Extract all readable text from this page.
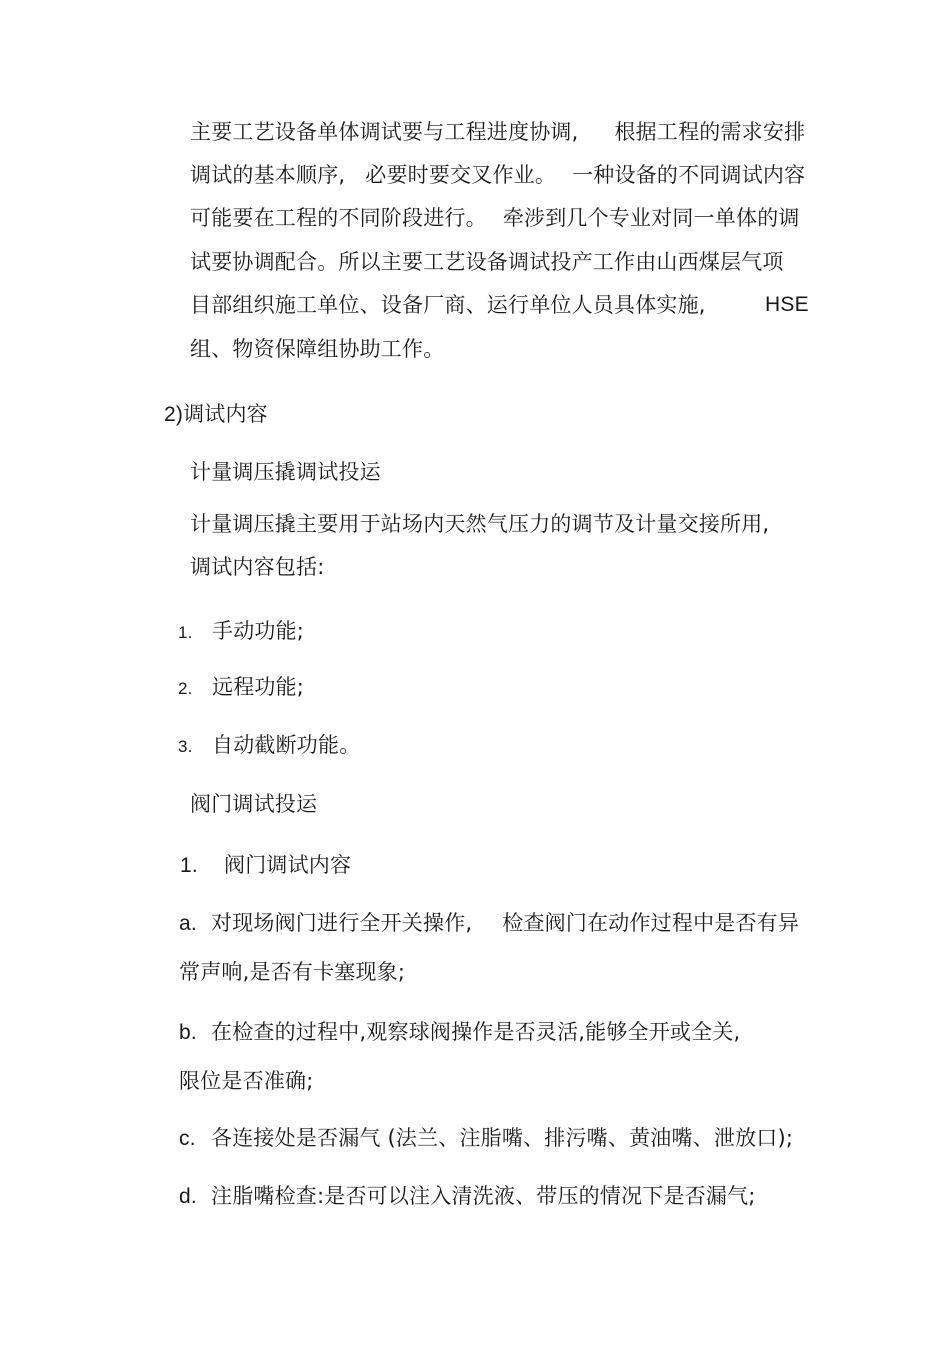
主要工艺设备单体调试要与工程进度协调, 根据工程的需求安排
调试的基本顺序, 必要时要交叉作业。 一种设备的不同调试内容
可能要在工程的不同阶段进行。 牵涉到几个专业对同一单体的调
试要协调配合。所以主要工艺设备调试投产工作由山西煤层气项
目部组织施工单位、设备厂商、运行单位人员具体实施,	HSE
组、物资保障组协助工作。
2)调试内容
计量调压撬调试投运
计量调压撬主要用于站场内天然气压力的调节及计量交接所用,
调试内容包括:
1. 手动功能;
2. 远程功能;
3. 自动截断功能。
阀门调试投运
1. 阀门调试内容
a. 对现场阀门进行全开关操作, 检查阀门在动作过程中是否有异
常声响,是否有卡塞现象;
b. 在检查的过程中,观察球阀操作是否灵活,能够全开或全关,
限位是否准确;
c. 各连接处是否漏气 (法兰、注脂嘴、排污嘴、黄油嘴、泄放口);
d. 注脂嘴检查:是否可以注入清洗液、带压的情况下是否漏气;
